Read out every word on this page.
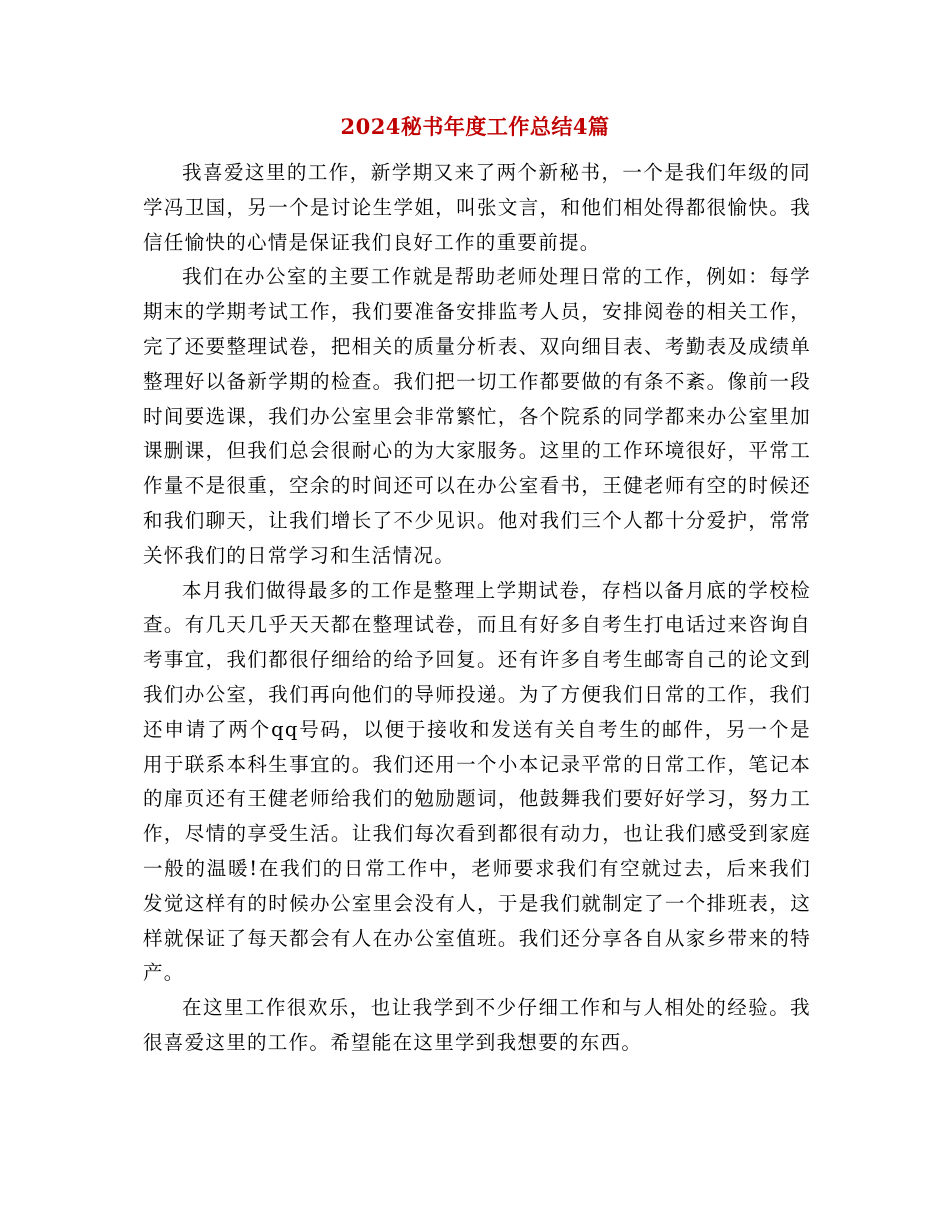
2024秘书年度工作总结4篇

我喜爱这里的工作，新学期又来了两个新秘书，一个是我们年级的同学冯卫国，另一个是讨论生学姐，叫张文言，和他们相处得都很愉快。我信任愉快的心情是保证我们良好工作的重要前提。

我们在办公室的主要工作就是帮助老师处理日常的工作，例如：每学期末的学期考试工作，我们要准备安排监考人员，安排阅卷的相关工作，完了还要整理试卷，把相关的质量分析表、双向细目表、考勤表及成绩单整理好以备新学期的检查。我们把一切工作都要做的有条不紊。像前一段时间要选课，我们办公室里会非常繁忙，各个院系的同学都来办公室里加课删课，但我们总会很耐心的为大家服务。这里的工作环境很好，平常工作量不是很重，空余的时间还可以在办公室看书，王健老师有空的时候还和我们聊天，让我们增长了不少见识。他对我们三个人都十分爱护，常常关怀我们的日常学习和生活情况。

本月我们做得最多的工作是整理上学期试卷，存档以备月底的学校检查。有几天几乎天天都在整理试卷，而且有好多自考生打电话过来咨询自考事宜，我们都很仔细给的给予回复。还有许多自考生邮寄自己的论文到我们办公室，我们再向他们的导师投递。为了方便我们日常的工作，我们还申请了两个qq号码，以便于接收和发送有关自考生的邮件，另一个是用于联系本科生事宜的。我们还用一个小本记录平常的日常工作，笔记本的扉页还有王健老师给我们的勉励题词，他鼓舞我们要好好学习，努力工作，尽情的享受生活。让我们每次看到都很有动力，也让我们感受到家庭一般的温暖!在我们的日常工作中，老师要求我们有空就过去，后来我们发觉这样有的时候办公室里会没有人，于是我们就制定了一个排班表，这样就保证了每天都会有人在办公室值班。我们还分享各自从家乡带来的特产。

在这里工作很欢乐，也让我学到不少仔细工作和与人相处的经验。我很喜爱这里的工作。希望能在这里学到我想要的东西。
